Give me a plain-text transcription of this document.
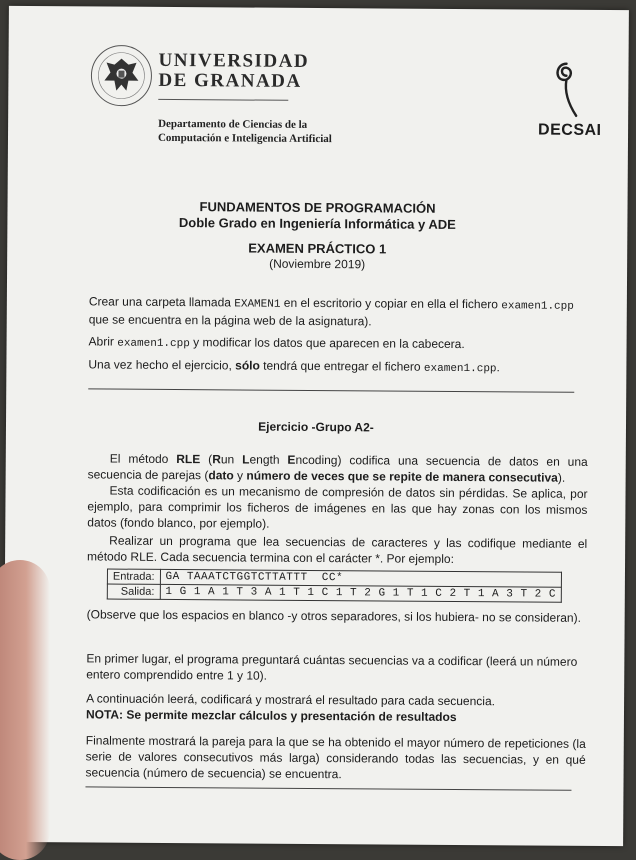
UNIVERSIDAD
DE GRANADA
Departamento de Ciencias de la
Computación e Inteligencia Artificial	DECSAI
FUNDAMENTOS DE PROGRAMACIÓN
Doble Grado en Ingeniería Informática y ADE
EXAMEN PRÁCTICO 1
(Noviembre 2019)
Crear una carpeta llamada EXAMEN1 en el escritorio y copiar en ella el fichero examen1.cpp que se encuentra en la página web de la asignatura).
Abrir examen1.cpp y modificar los datos que aparecen en la cabecera.
Una vez hecho el ejercicio, sólo tendrá que entregar el fichero examen1.cpp.
Ejercicio -Grupo A2-
El método RLE (Run Length Encoding) codifica una secuencia de datos en una secuencia de parejas (dato y número de veces que se repite de manera consecutiva).
Esta codificación es un mecanismo de compresión de datos sin pérdidas. Se aplica, por ejemplo, para comprimir los ficheros de imágenes en las que hay zonas con los mismos datos (fondo blanco, por ejemplo).
Realizar un programa que lea secuencias de caracteres y las codifique mediante el método RLE. Cada secuencia termina con el carácter *. Por ejemplo:
Entrada:	GA TAAATCTGGTCTTATTT  CC*
Salida:	1 G 1 A 1 T 3 A 1 T 1 C 1 T 2 G 1 T 1 C 2 T 1 A 3 T 2 C
(Observe que los espacios en blanco -y otros separadores, si los hubiera- no se consideran).
En primer lugar, el programa preguntará cuántas secuencias va a codificar (leerá un número entero comprendido entre 1 y 10).
A continuación leerá, codificará y mostrará el resultado para cada secuencia.
NOTA: Se permite mezclar cálculos y presentación de resultados
Finalmente mostrará la pareja para la que se ha obtenido el mayor número de repeticiones (la serie de valores consecutivos más larga) considerando todas las secuencias, y en qué secuencia (número de secuencia) se encuentra.
